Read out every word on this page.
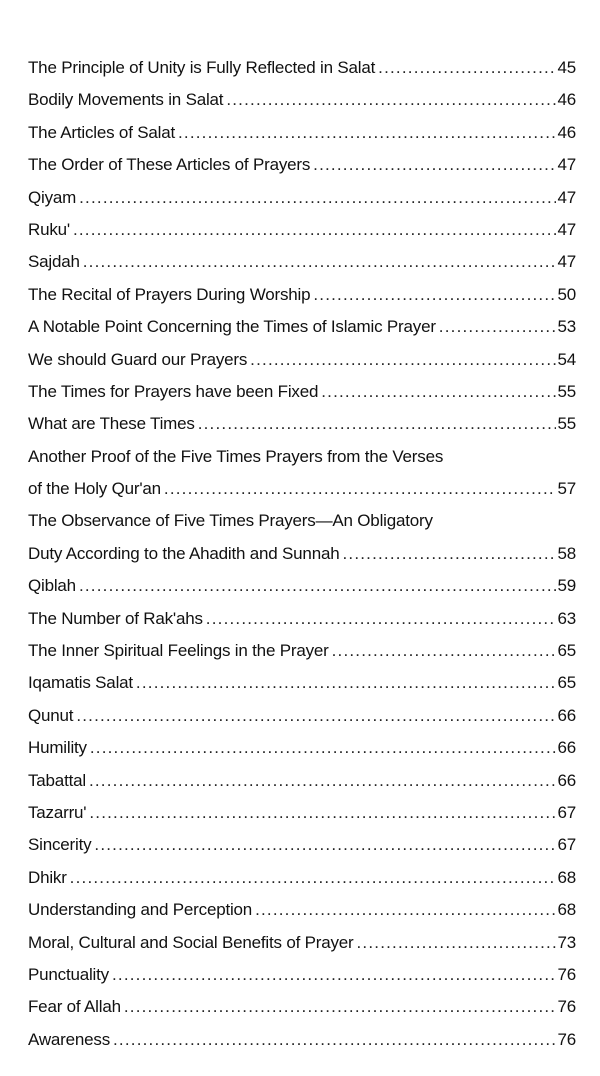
The Principle of Unity is Fully Reflected in Salat .....	45
Bodily Movements in Salat .....	46
The Articles of Salat .....	46
The Order of These Articles of Prayers .....	47
Qiyam .....	47
Ruku' .....	47
Sajdah .....	47
The Recital of Prayers During Worship .....	50
A Notable Point Concerning the Times of Islamic Prayer .....	53
We should Guard our Prayers .....	54
The Times for Prayers have been Fixed .....	55
What are These Times .....	55
Another Proof of the Five Times Prayers from the Verses
of the Holy Qur'an .....	57
The Observance of Five Times Prayers—An Obligatory
Duty According to the Ahadith and Sunnah .....	58
Qiblah .....	59
The Number of Rak'ahs .....	63
The Inner Spiritual Feelings in the Prayer .....	65
Iqamatis Salat .....	65
Qunut .....	66
Humility .....	66
Tabattal .....	66
Tazarru' .....	67
Sincerity .....	67
Dhikr .....	68
Understanding and Perception .....	68
Moral, Cultural and Social Benefits of Prayer .....	73
Punctuality .....	76
Fear of Allah .....	76
Awareness .....	76
